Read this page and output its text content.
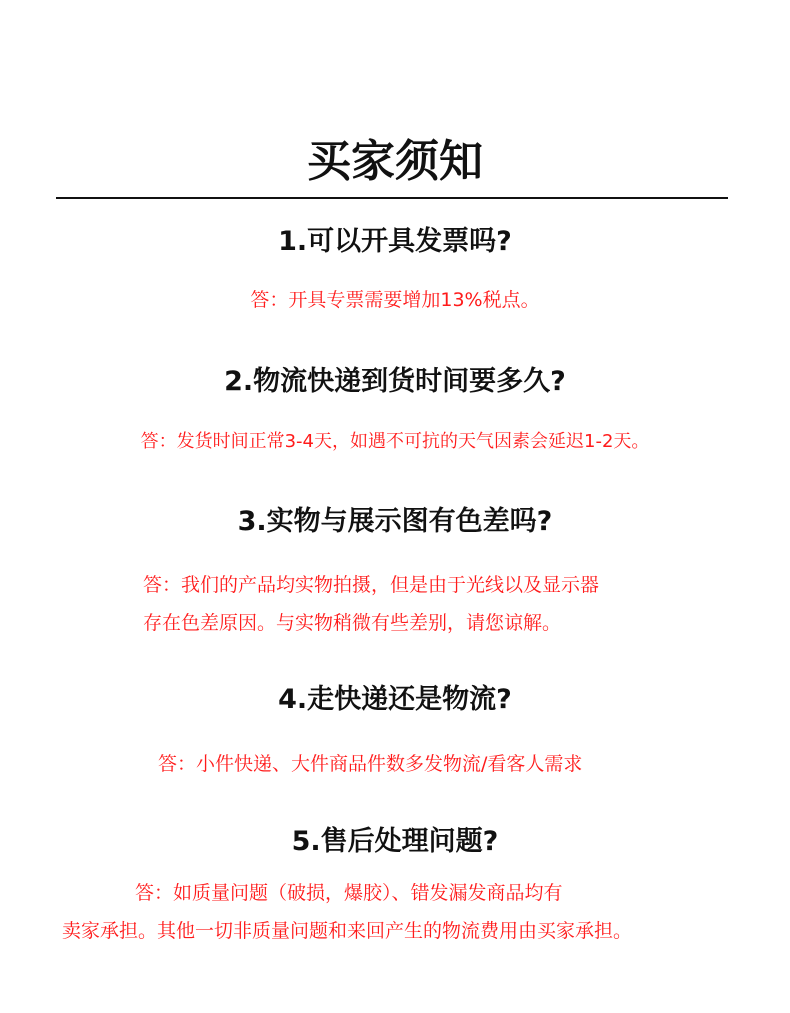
买家须知
1.可以开具发票吗?
答：开具专票需要增加13%税点。
2.物流快递到货时间要多久?
答：发货时间正常3-4天，如遇不可抗的天气因素会延迟1-2天。
3.实物与展示图有色差吗?
答：我们的产品均实物拍摄，但是由于光线以及显示器
存在色差原因。与实物稍微有些差别，请您谅解。
4.走快递还是物流?
答：小件快递、大件商品件数多发物流/看客人需求
5.售后处理问题?
答：如质量问题（破损，爆胶）、错发漏发商品均有
卖家承担。其他一切非质量问题和来回产生的物流费用由买家承担。
